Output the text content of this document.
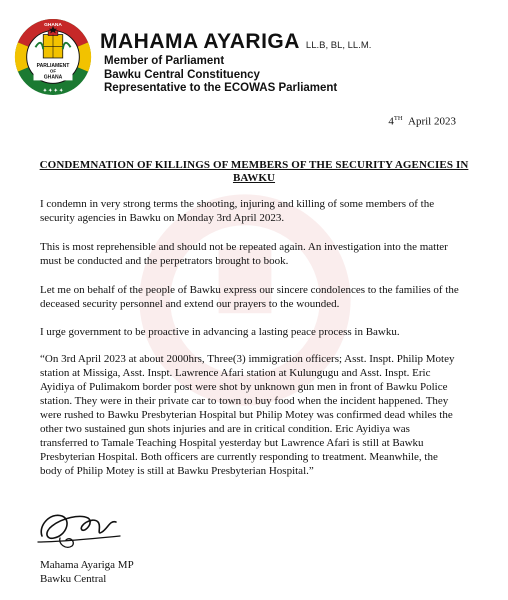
PARLIAMENT
OF
GHANA
GHANA
✦ ✦ ✦ ✦
MAHAMA AYARIGA LL.B, BL, LL.M.
Member of Parliament
Bawku Central Constituency
Representative to the ECOWAS Parliament
4TH April 2023
CONDEMNATION OF KILLINGS OF MEMBERS OF THE SECURITY AGENCIES IN BAWKU

I condemn in very strong terms the shooting, injuring and killing of some members of the security agencies in Bawku on Monday 3rd April 2023.

This is most reprehensible and should not be repeated again. An investigation into the matter must be conducted and the perpetrators brought to book.

Let me on behalf of the people of Bawku express our sincere condolences to the families of the deceased security personnel and extend our prayers to the wounded.

I urge government to be proactive in advancing a lasting peace process in Bawku.

“On 3rd April 2023 at about 2000hrs, Three(3) immigration officers; Asst. Inspt. Philip Motey station at Missiga, Asst. Inspt. Lawrence Afari station at Kulungugu and Asst. Inspt. Eric Ayidiya of Pulimakom border post were shot by unknown gun men in front of Bawku Police station. They were in their private car to town to buy food when the incident happened. They were rushed to Bawku Presbyterian Hospital but Philip Motey was confirmed dead whiles the other two sustained gun shots injuries and are in critical condition. Eric Ayidiya was transferred to Tamale Teaching Hospital yesterday but Lawrence Afari is still at Bawku Presbyterian Hospital. Both officers are currently responding to treatment. Meanwhile, the body of Philip Motey is still at Bawku Presbyterian Hospital.”

Mahama Ayariga MP
Bawku Central
